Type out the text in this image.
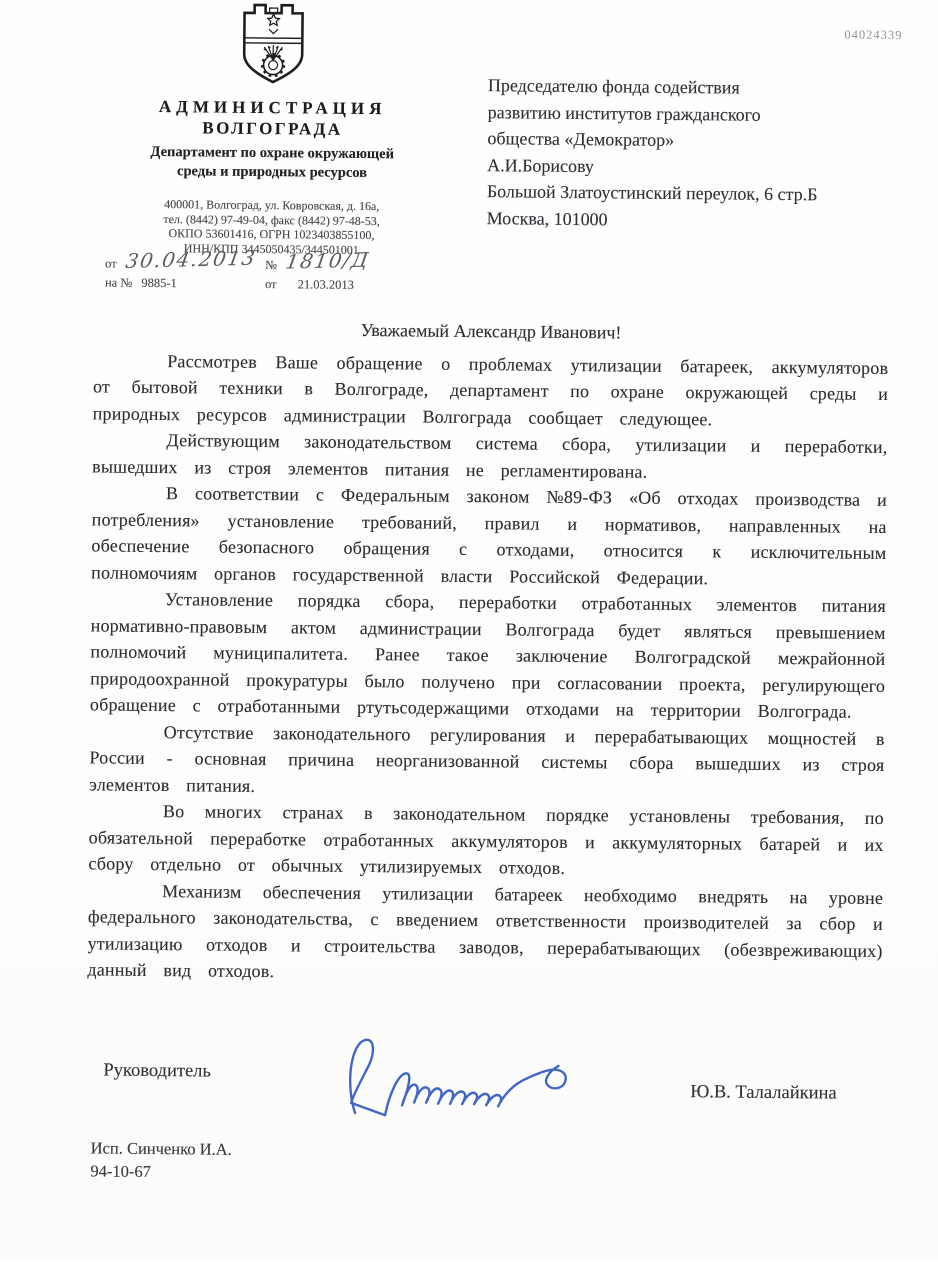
04024339
АДМИНИСТРАЦИЯ
ВОЛГОГРАДА
Департамент по охране окружающей
среды и природных ресурсов
400001, Волгоград, ул. Ковровская, д. 16а,
тел. (8442) 97-49-04, факс (8442) 97-48-53,
ОКПО 53601416, ОГРН 1023403855100,
ИНН/КПП 3445050435/344501001
от 30.04.2013 № 1810/Д
на № 9885-1	от 21.03.2013
Председателю фонда содействия
развитию институтов гражданского
общества «Демократор»
А.И.Борисову
Большой Златоустинский переулок, 6 стр.Б
Москва, 101000
Уважаемый Александр Иванович!

Рассмотрев Ваше обращение о проблемах утилизации батареек, аккумуляторов от бытовой техники в Волгограде, департамент по охране окружающей среды и природных ресурсов администрации Волгограда сообщает следующее.

Действующим законодательством система сбора, утилизации и переработки, вышедших из строя элементов питания не регламентирована.

В соответствии с Федеральным законом №89-ФЗ «Об отходах производства и потребления» установление требований, правил и нормативов, направленных на обеспечение безопасного обращения с отходами, относится к исключительным полномочиям органов государственной власти Российской Федерации.

Установление порядка сбора, переработки отработанных элементов питания нормативно-правовым актом администрации Волгограда будет являться превышением полномочий муниципалитета. Ранее такое заключение Волгоградской межрайонной природоохранной прокуратуры было получено при согласовании проекта, регулирующего обращение с отработанными ртутьсодержащими отходами на территории Волгограда.

Отсутствие законодательного регулирования и перерабатывающих мощностей в России - основная причина неорганизованной системы сбора вышедших из строя элементов питания.

Во многих странах в законодательном порядке установлены требования, по обязательной переработке отработанных аккумуляторов и аккумуляторных батарей и их сбору отдельно от обычных утилизируемых отходов.

Механизм обеспечения утилизации батареек необходимо внедрять на уровне федерального законодательства, с введением ответственности производителей за сбор и утилизацию отходов и строительства заводов, перерабатывающих (обезвреживающих) данный вид отходов.

Руководитель
Ю.В. Талалайкина
Исп. Синченко И.А.
94-10-67
